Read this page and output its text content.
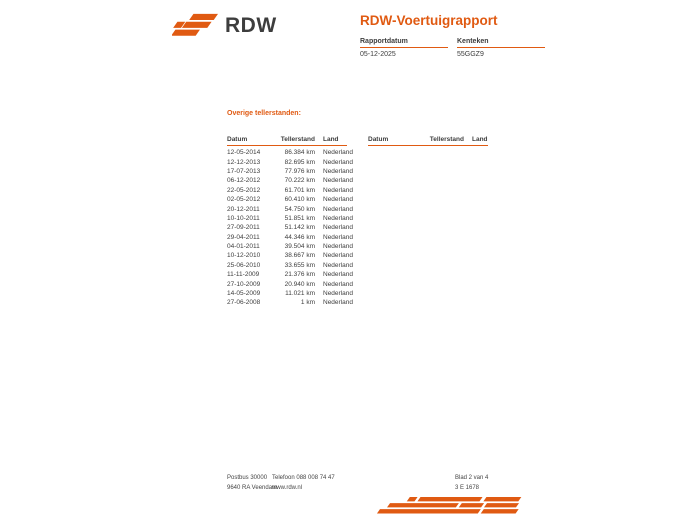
RDW	RDW-Voertuigrapport
Rapportdatum
05-12-2025
Kenteken
55GGZ9
Overige tellerstanden:
Datum	Tellerstand	Land
12-05-2014	86.384 km	Nederland
12-12-2013	82.695 km	Nederland
17-07-2013	77.976 km	Nederland
06-12-2012	70.222 km	Nederland
22-05-2012	61.701 km	Nederland
02-05-2012	60.410 km	Nederland
20-12-2011	54.750 km	Nederland
10-10-2011	51.851 km	Nederland
27-09-2011	51.142 km	Nederland
29-04-2011	44.346 km	Nederland
04-01-2011	39.504 km	Nederland
10-12-2010	38.667 km	Nederland
25-06-2010	33.655 km	Nederland
11-11-2009	21.376 km	Nederland
27-10-2009	20.940 km	Nederland
14-05-2009	11.021 km	Nederland
27-06-2008	1 km	Nederland
Datum	Tellerstand	Land
Postbus 30000
9640 RA Veendam
Telefoon 088 008 74 47
www.rdw.nl
Blad 2 van 4
3 E 1678
